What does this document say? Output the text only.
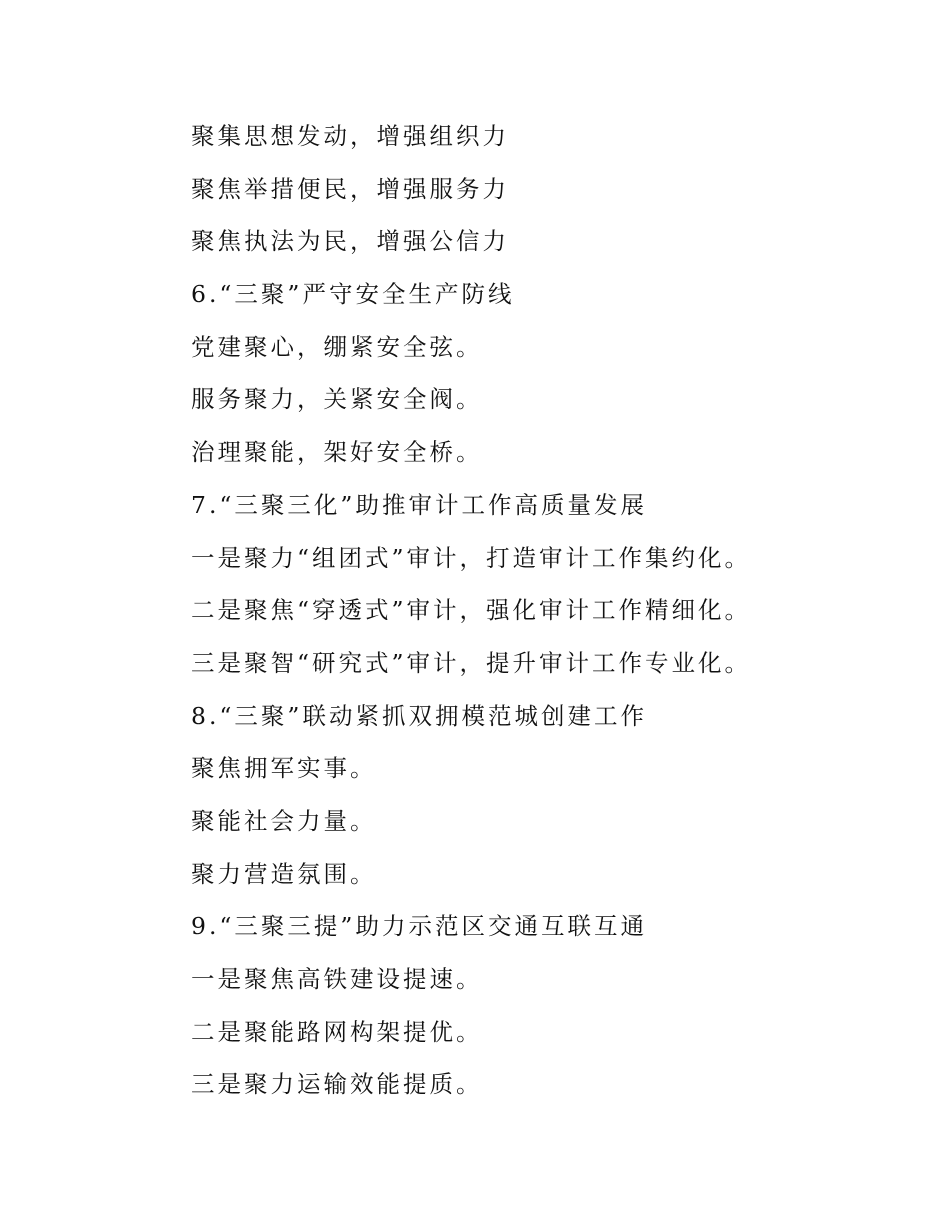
聚集思想发动，增强组织力
聚焦举措便民，增强服务力
聚焦执法为民，增强公信力
6.“三聚”严守安全生产防线
党建聚心，绷紧安全弦。
服务聚力，关紧安全阀。
治理聚能，架好安全桥。
7.“三聚三化”助推审计工作高质量发展
一是聚力“组团式”审计，打造审计工作集约化。
二是聚焦“穿透式”审计，强化审计工作精细化。
三是聚智“研究式”审计，提升审计工作专业化。
8.“三聚”联动紧抓双拥模范城创建工作
聚焦拥军实事。
聚能社会力量。
聚力营造氛围。
9.“三聚三提”助力示范区交通互联互通
一是聚焦高铁建设提速。
二是聚能路网构架提优。
三是聚力运输效能提质。
